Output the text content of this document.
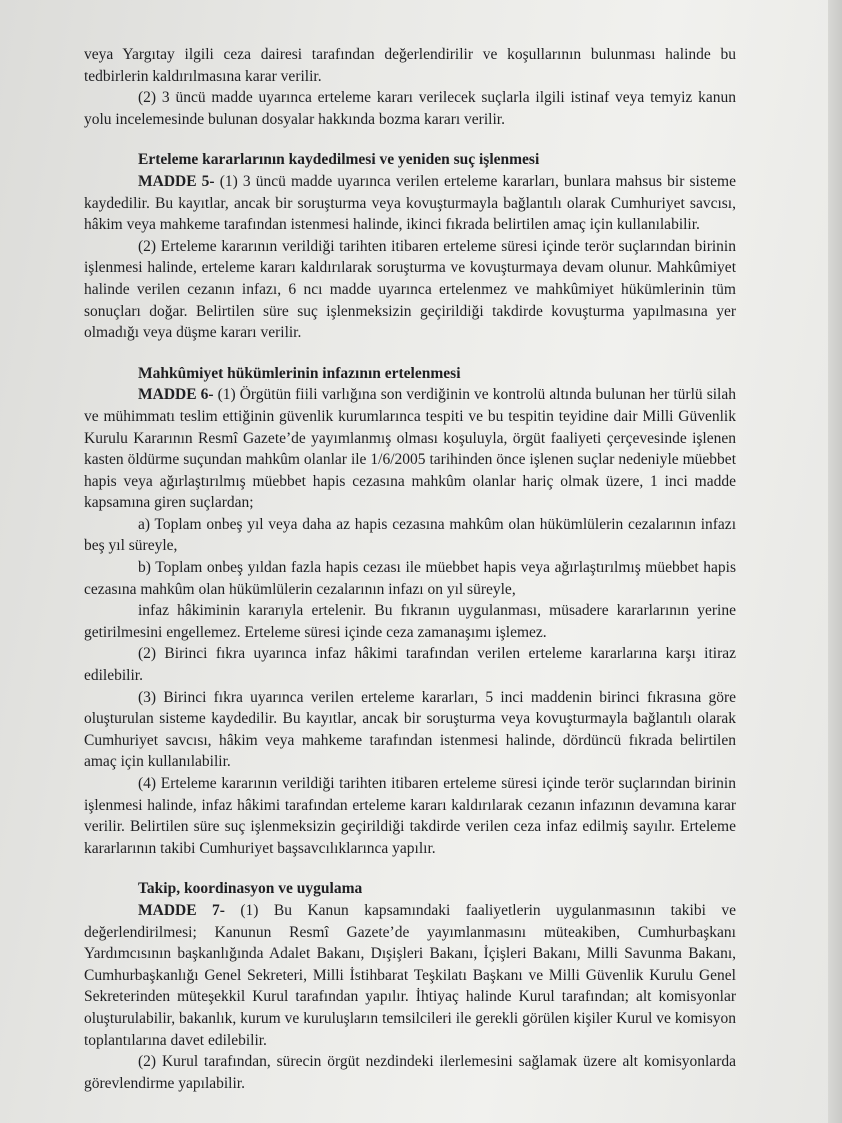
veya Yargıtay ilgili ceza dairesi tarafından değerlendirilir ve koşullarının bulunması halinde bu tedbirlerin kaldırılmasına karar verilir.

(2) 3 üncü madde uyarınca erteleme kararı verilecek suçlarla ilgili istinaf veya temyiz kanun yolu incelemesinde bulunan dosyalar hakkında bozma kararı verilir.

Erteleme kararlarının kaydedilmesi ve yeniden suç işlenmesi

MADDE 5- (1) 3 üncü madde uyarınca verilen erteleme kararları, bunlara mahsus bir sisteme kaydedilir. Bu kayıtlar, ancak bir soruşturma veya kovuşturmayla bağlantılı olarak Cumhuriyet savcısı, hâkim veya mahkeme tarafından istenmesi halinde, ikinci fıkrada belirtilen amaç için kullanılabilir.

(2) Erteleme kararının verildiği tarihten itibaren erteleme süresi içinde terör suçlarından birinin işlenmesi halinde, erteleme kararı kaldırılarak soruşturma ve kovuşturmaya devam olunur. Mahkûmiyet halinde verilen cezanın infazı, 6 ncı madde uyarınca ertelenmez ve mahkûmiyet hükümlerinin tüm sonuçları doğar. Belirtilen süre suç işlenmeksizin geçirildiği takdirde kovuşturma yapılmasına yer olmadığı veya düşme kararı verilir.

Mahkûmiyet hükümlerinin infazının ertelenmesi

MADDE 6- (1) Örgütün fiili varlığına son verdiğinin ve kontrolü altında bulunan her türlü silah ve mühimmatı teslim ettiğinin güvenlik kurumlarınca tespiti ve bu tespitin teyidine dair Milli Güvenlik Kurulu Kararının Resmî Gazete’de yayımlanmış olması koşuluyla, örgüt faaliyeti çerçevesinde işlenen kasten öldürme suçundan mahkûm olanlar ile 1/6/2005 tarihinden önce işlenen suçlar nedeniyle müebbet hapis veya ağırlaştırılmış müebbet hapis cezasına mahkûm olanlar hariç olmak üzere, 1 inci madde kapsamına giren suçlardan;

a) Toplam onbeş yıl veya daha az hapis cezasına mahkûm olan hükümlülerin cezalarının infazı beş yıl süreyle,

b) Toplam onbeş yıldan fazla hapis cezası ile müebbet hapis veya ağırlaştırılmış müebbet hapis cezasına mahkûm olan hükümlülerin cezalarının infazı on yıl süreyle,

infaz hâkiminin kararıyla ertelenir. Bu fıkranın uygulanması, müsadere kararlarının yerine getirilmesini engellemez. Erteleme süresi içinde ceza zamanaşımı işlemez.

(2) Birinci fıkra uyarınca infaz hâkimi tarafından verilen erteleme kararlarına karşı itiraz edilebilir.

(3) Birinci fıkra uyarınca verilen erteleme kararları, 5 inci maddenin birinci fıkrasına göre oluşturulan sisteme kaydedilir. Bu kayıtlar, ancak bir soruşturma veya kovuşturmayla bağlantılı olarak Cumhuriyet savcısı, hâkim veya mahkeme tarafından istenmesi halinde, dördüncü fıkrada belirtilen amaç için kullanılabilir.

(4) Erteleme kararının verildiği tarihten itibaren erteleme süresi içinde terör suçlarından birinin işlenmesi halinde, infaz hâkimi tarafından erteleme kararı kaldırılarak cezanın infazının devamına karar verilir. Belirtilen süre suç işlenmeksizin geçirildiği takdirde verilen ceza infaz edilmiş sayılır. Erteleme kararlarının takibi Cumhuriyet başsavcılıklarınca yapılır.

Takip, koordinasyon ve uygulama

MADDE 7- (1) Bu Kanun kapsamındaki faaliyetlerin uygulanmasının takibi ve değerlendirilmesi; Kanunun Resmî Gazete’de yayımlanmasını müteakiben, Cumhurbaşkanı Yardımcısının başkanlığında Adalet Bakanı, Dışişleri Bakanı, İçişleri Bakanı, Milli Savunma Bakanı, Cumhurbaşkanlığı Genel Sekreteri, Milli İstihbarat Teşkilatı Başkanı ve Milli Güvenlik Kurulu Genel Sekreterinden müteşekkil Kurul tarafından yapılır. İhtiyaç halinde Kurul tarafından; alt komisyonlar oluşturulabilir, bakanlık, kurum ve kuruluşların temsilcileri ile gerekli görülen kişiler Kurul ve komisyon toplantılarına davet edilebilir.

(2) Kurul tarafından, sürecin örgüt nezdindeki ilerlemesini sağlamak üzere alt komisyonlarda görevlendirme yapılabilir.
